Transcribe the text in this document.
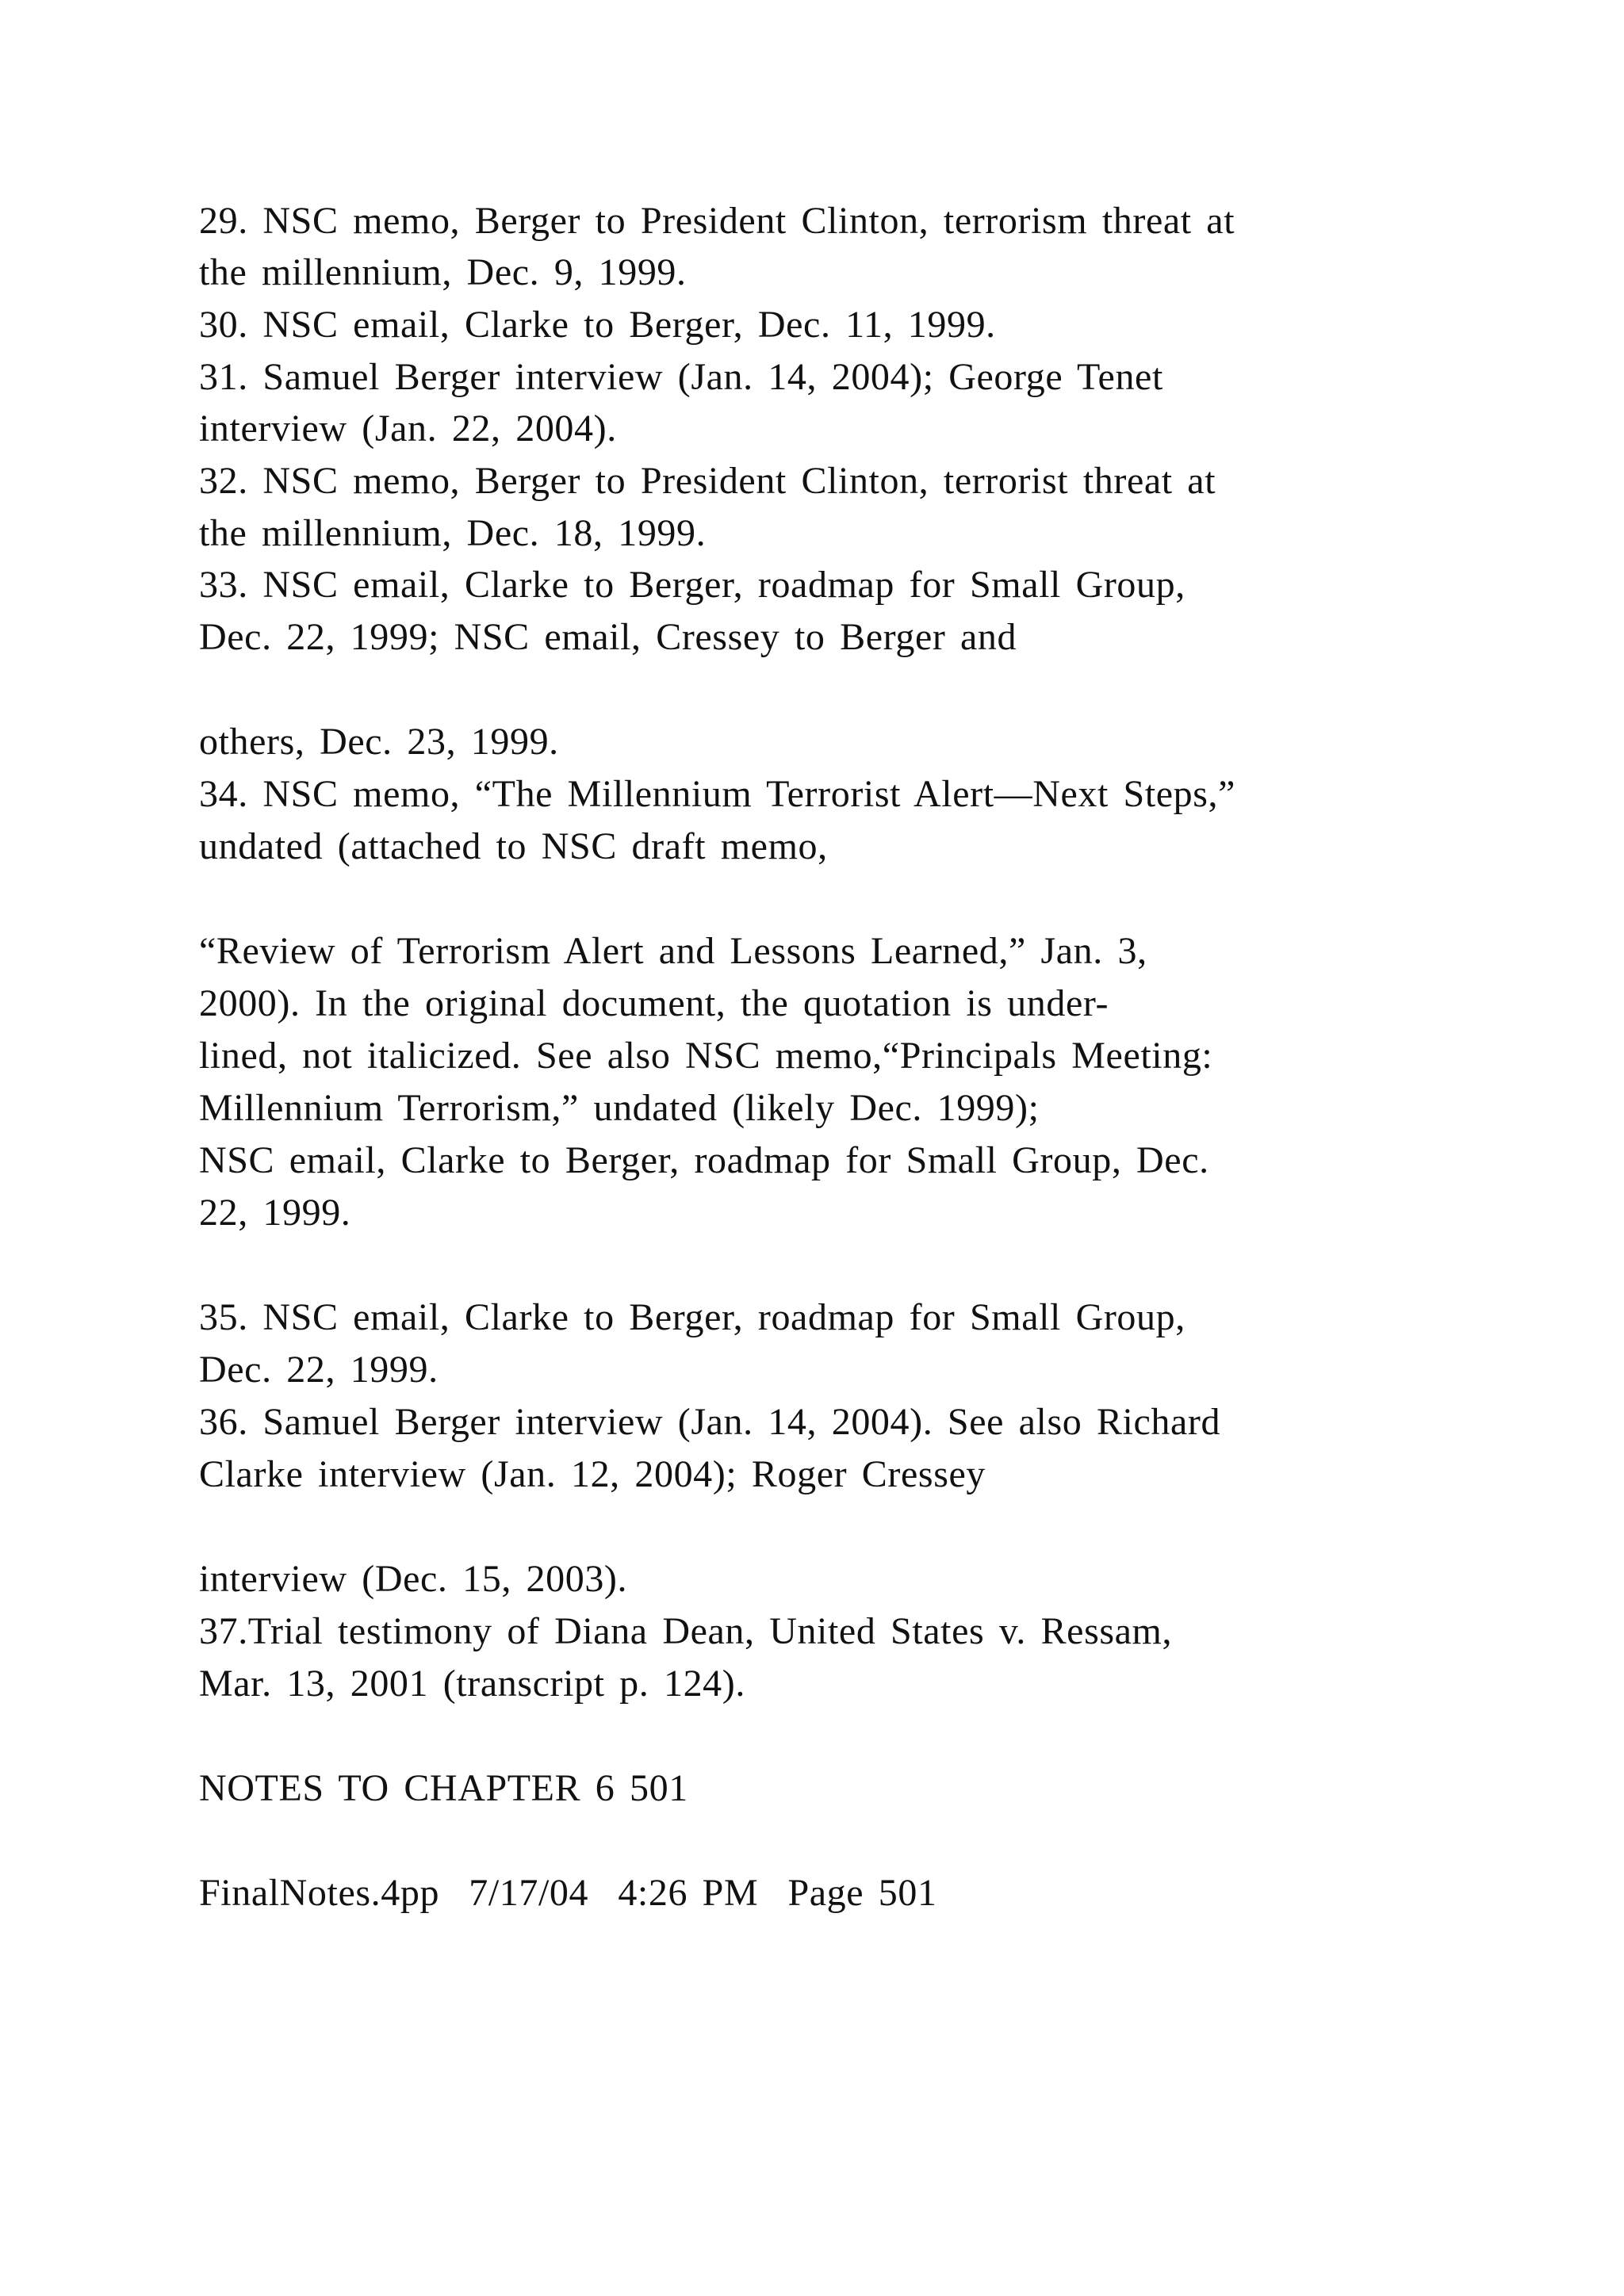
29. NSC memo, Berger to President Clinton, terrorism threat at

the millennium, Dec. 9, 1999.

30. NSC email, Clarke to Berger, Dec. 11, 1999.

31. Samuel Berger interview (Jan. 14, 2004); George Tenet

interview (Jan. 22, 2004).

32. NSC memo, Berger to President Clinton, terrorist threat at

the millennium, Dec. 18, 1999.

33. NSC email, Clarke to Berger, roadmap for Small Group,

Dec. 22, 1999; NSC email, Cressey to Berger and

others, Dec. 23, 1999.

34. NSC memo, “The Millennium Terrorist Alert—Next Steps,”

undated (attached to NSC draft memo,

“Review of Terrorism Alert and Lessons Learned,” Jan. 3,

2000). In the original document, the quotation is under-

lined, not italicized. See also NSC memo,“Principals Meeting:

Millennium Terrorism,” undated (likely Dec. 1999);

NSC email, Clarke to Berger, roadmap for Small Group, Dec.

22, 1999.

35. NSC email, Clarke to Berger, roadmap for Small Group,

Dec. 22, 1999.

36. Samuel Berger interview (Jan. 14, 2004). See also Richard

Clarke interview (Jan. 12, 2004); Roger Cressey

interview (Dec. 15, 2003).

37.Trial testimony of Diana Dean, United States v. Ressam,

Mar. 13, 2001 (transcript p. 124).

NOTES TO CHAPTER 6 501

FinalNotes.4pp  7/17/04  4:26 PM  Page 501
